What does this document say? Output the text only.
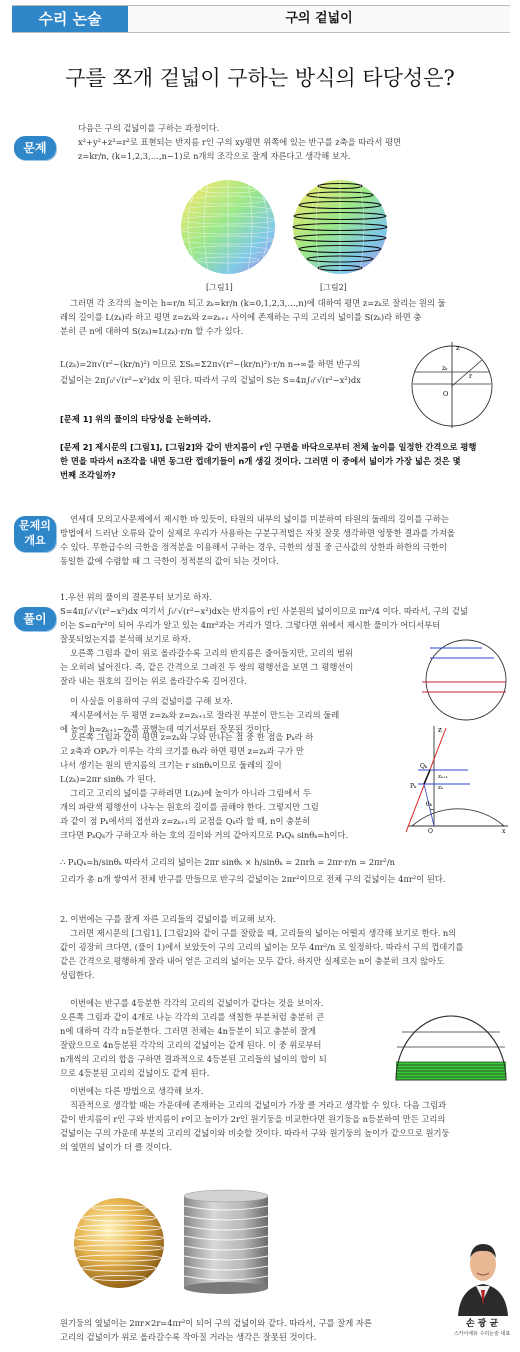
수리 논술	구의 겉넓이
구를 쪼개 겉넓이 구하는 방식의 타당성은?
문제
다음은 구의 겉넓이를 구하는 과정이다.
x²+y²+z²=r²로 표현되는 반지름 r인 구의 xy평면 위쪽에 있는 반구를 z축을 따라서 평면
z=kr/n, (k=1,2,3,…,n−1)로 n개의 조각으로 잘게 자른다고 생각해 보자.
[그림1]	[그림2]
그러면 각 조각의 높이는 h=r/n 되고 zₖ=kr/n (k=0,1,2,3,…,n)에 대하여 평면 z=zₖ로 잘리는 원의 둘
레의 길이를 L(zₖ)라 하고 평면 z=zₖ와 z=zₖ₊₁ 사이에 존재하는 구의 고리의 넓이를 S(zₖ)라 하면 충
분히 큰 n에 대하여 S(zₖ)≈L(zₖ)·r/n 할 수가 있다.
L(zₖ)=2π√(r²−(kr/n)²) 이므로 ΣSₖ=Σ2π√(r²−(kr/n)²)·r/n n→∞를 하면 반구의
겉넓이는 2π∫₀ʳ√(r²−x²)dx 이 된다. 따라서 구의 겉넓이 S는 S=4π∫₀ʳ√(r²−x²)dx
z
zₖ
O
r
[문제 1] 위의 풀이의 타당성을 논하여라.
[문제 2] 제시문의 [그림1], [그림2]와 같이 반지름이 r인 구면을 바닥으로부터 전체 높이를 일정한 간격으로 평행
한 면을 따라서 n조각을 내면 동그란 껍데기들이 n개 생길 것이다. 그러면 이 중에서 넓이가 가장 넓은 것은 몇
번째 조각일까?
문제의
개요
연세대 모의고사문제에서 제시한 바 있듯이, 타원의 내부의 넓이를 미분하여 타원의 둘레의 길이를 구하는
방법에서 드러난 오류와 같이 실제로 우리가 사용하는 구분구적법은 자칫 잘못 생각하면 엉뚱한 결과를 가져올
수 있다. 무한급수의 극한을 정적분을 이용해서 구하는 경우, 극한의 성질 중 근사값의 상한과 하한의 극한이
동일한 값에 수렴할 때 그 극한이 정적분의 값이 되는 것이다.
풀이
1.우선 위의 풀이의 결론부터 보기로 하자.
S=4π∫₀ʳ√(r²−x²)dx 여기서 ∫₀ʳ√(r²−x²)dx는 반지름이 r인 사분원의 넓이이므로 πr²/4 이다. 따라서, 구의 겉넓
이는 S=π²r²이 되어 우리가 알고 있는 4πr²과는 거리가 멀다. 그렇다면 위에서 제시한 풀이가 어디서부터
잘못되었는지를 분석해 보기로 하자.
오른쪽 그림과 같이 위로 올라갈수록 고리의 반지름은 줄어들지만, 고리의 범위
는 오히려 넓어진다. 즉, 같은 간격으로 그려진 두 쌍의 평행선을 보면 그 평행선이
잘라 내는 원호의 길이는 위로 올라갈수록 길어진다.
이 사실을 이용하여 구의 겉넓이를 구해 보자.
제시문에서는 두 평면 z=zₖ와 z=zₖ₊₁로 잘라진 부분이 만드는 고리의 둘레
에 높이 h=zₖ₊₁−zₖ를 곱했는데 여기서부터 잘못된 것이다.
오른쪽 그림과 같이 평면 z=zₖ와 구와 만나는 점 중 한 점을 Pₖ라 하
고 z축과 OPₖ가 이루는 각의 크기를 θₖ라 하면 평면 z=zₖ과 구가 만
나서 생기는 원의 반지름의 크기는 r sinθₖ이므로 둘레의 길이
L(zₖ)=2πr sinθₖ 가 된다.
그리고 고리의 넓이를 구하려면 L(zₖ)에 높이가 아니라 그림에서 두
개의 파란색 평행선이 나누는 원호의 길이를 곱해야 한다. 그렇지만 그림
과 같이 점 Pₖ에서의 접선과 z=zₖ₊₁의 교점을 Qₖ라 할 때, n이 충분히
크다면 PₖQₖ가 구하고자 하는 호의 길이와 거의 같아지므로 PₖQₖ sinθₖ=h이다.
z
Qₖ
Pₖ
zₖ₊₁
zₖ
θₖ
O	x
∴ PₖQₖ=h/sinθₖ 따라서 고리의 넓이는 2πr sinθₖ × h/sinθₖ = 2πrh = 2πr·r/n = 2πr²/n
고리가 총 n개 쌓여서 전체 반구를 만들므로 반구의 겉넓이는 2πr²이므로 전체 구의 겉넓이는 4πr²이 된다.
2. 이번에는 구를 잘게 자른 고리들의 겉넓이를 비교해 보자.
그러면 제시문의 [그림1], [그림2]와 같이 구를 잘랐을 때, 고리들의 넓이는 어떨지 생각해 보기로 한다. n의
값이 굉장히 크다면, (풀이 1)에서 보았듯이 구의 고리의 넓이는 모두 4πr²/n 로 일정하다. 따라서 구의 껍데기를
같은 간격으로 평행하게 잘라 내어 얻은 고리의 넓이는 모두 같다. 하지만 실제로는 n이 충분히 크지 않아도
성립한다.
이번에는 반구를 4등분한 각각의 고리의 겉넓이가 같다는 것을 보이자.
오른쪽 그림과 같이 4개로 나눈 각각의 고리를 색칠한 부분처럼 충분히 큰
n에 대하여 각각 n등분한다. 그러면 전체는 4n등분이 되고 충분히 잘게
잘랐으므로 4n등분된 각각의 고리의 겉넓이는 같게 된다. 이 중 위로부터
n개씩의 고리의 합을 구하면 결과적으로 4등분된 고리들의 넓이의 합이 되
므로 4등분된 고리의 겉넓이도 같게 된다.
이번에는 다른 방법으로 생각해 보자.
직관적으로 생각할 때는 가운데에 존재하는 고리의 겉넓이가 가장 클 거라고 생각할 수 있다. 다음 그림과
같이 반지름이 r인 구와 반지름이 r이고 높이가 2r인 원기둥을 비교한다면 원기둥을 n등분하여 만든 고리의
겉넓이는 구의 가운데 부분의 고리의 겉넓이와 비슷할 것이다. 따라서 구와 원기둥의 높이가 같으므로 원기둥
의 옆면의 넓이가 더 클 것이다.
원기둥의 옆넓이는 2πr×2r=4πr²이 되어 구의 겉넓이와 같다. 따라서, 구를 잘게 자른
고리의 겉넓이가 위로 올라갈수록 작아질 거라는 생각은 잘못된 것이다.
손 광 균
스카이에듀 수리논술 대표
